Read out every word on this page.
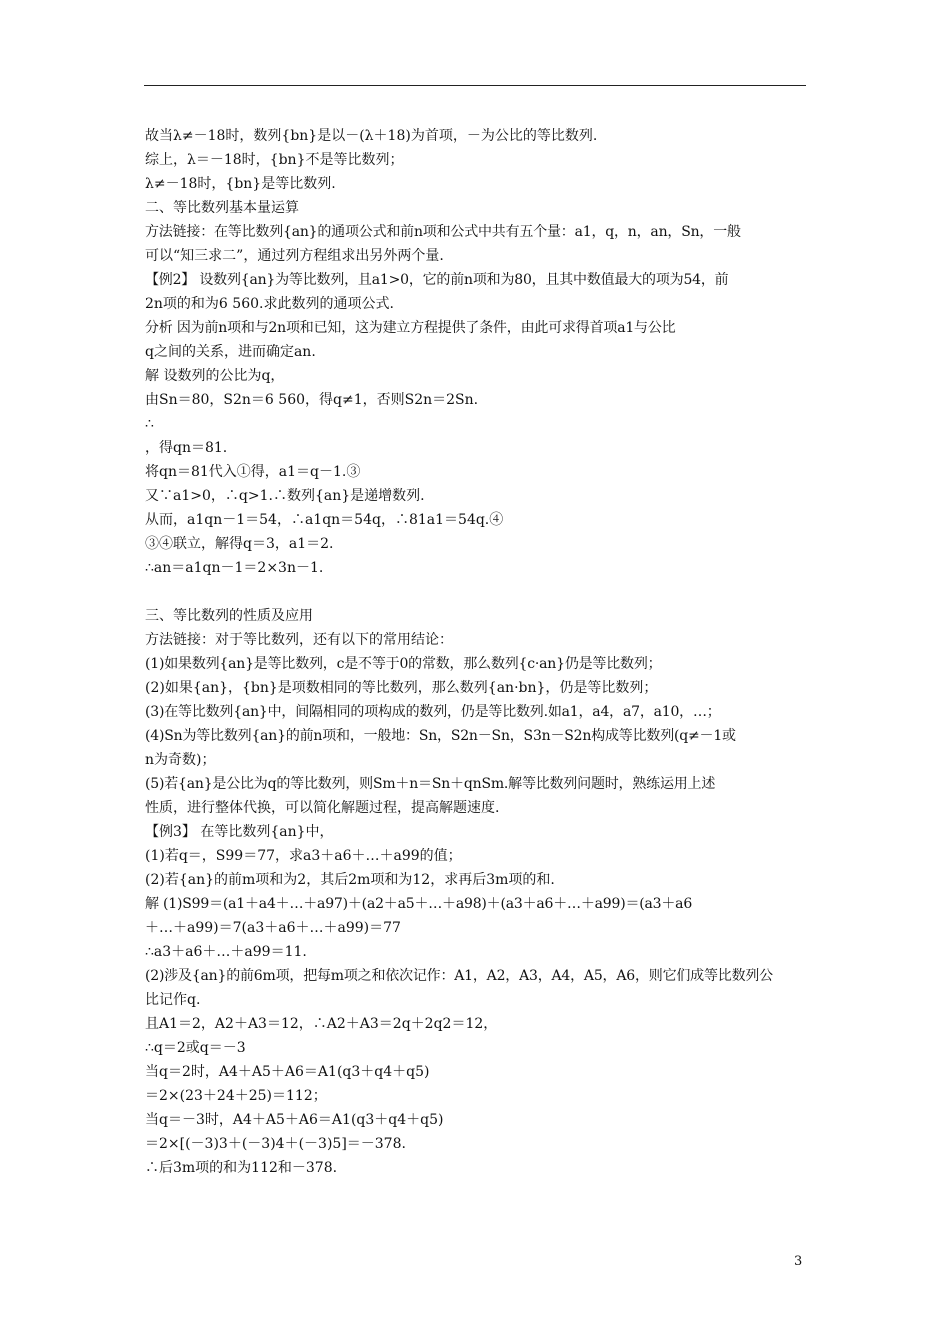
故当λ≠－18时，数列{bn}是以－(λ＋18)为首项，－为公比的等比数列.
综上，λ＝－18时，{bn}不是等比数列；
λ≠－18时，{bn}是等比数列.
二、等比数列基本量运算
方法链接：在等比数列{an}的通项公式和前n项和公式中共有五个量：a1，q，n，an，Sn，一般
可以“知三求二”，通过列方程组求出另外两个量.
【例2】 设数列{an}为等比数列，且a1>0，它的前n项和为80，且其中数值最大的项为54，前
2n项的和为6 560.求此数列的通项公式.
分析 因为前n项和与2n项和已知，这为建立方程提供了条件，由此可求得首项a1与公比
q之间的关系，进而确定an.
解 设数列的公比为q，
由Sn＝80，S2n＝6 560，得q≠1，否则S2n＝2Sn.
∴
，得qn＝81.
将qn＝81代入①得，a1＝q－1.③
又∵a1>0，∴q>1.∴数列{an}是递增数列.
从而，a1qn－1＝54，∴a1qn＝54q，∴81a1＝54q.④
③④联立，解得q＝3，a1＝2.
∴an＝a1qn－1＝2×3n－1.
三、等比数列的性质及应用
方法链接：对于等比数列，还有以下的常用结论：
(1)如果数列{an}是等比数列，c是不等于0的常数，那么数列{c·an}仍是等比数列；
(2)如果{an}，{bn}是项数相同的等比数列，那么数列{an·bn}，仍是等比数列；
(3)在等比数列{an}中，间隔相同的项构成的数列，仍是等比数列.如a1，a4，a7，a10，…；
(4)Sn为等比数列{an}的前n项和，一般地：Sn，S2n－Sn，S3n－S2n构成等比数列(q≠－1或
n为奇数)；
(5)若{an}是公比为q的等比数列，则Sm＋n＝Sn＋qnSm.解等比数列问题时，熟练运用上述
性质，进行整体代换，可以简化解题过程，提高解题速度.
【例3】 在等比数列{an}中，
(1)若q＝，S99＝77，求a3＋a6＋…＋a99的值；
(2)若{an}的前m项和为2，其后2m项和为12，求再后3m项的和.
解 (1)S99＝(a1＋a4＋…＋a97)＋(a2＋a5＋…＋a98)＋(a3＋a6＋…＋a99)＝(a3＋a6
＋…＋a99)＝7(a3＋a6＋…＋a99)＝77
∴a3＋a6＋…＋a99＝11.
(2)涉及{an}的前6m项，把每m项之和依次记作：A1，A2，A3，A4，A5，A6，则它们成等比数列公
比记作q.
且A1＝2，A2＋A3＝12，∴A2＋A3＝2q＋2q2＝12，
∴q＝2或q＝－3
当q＝2时，A4＋A5＋A6＝A1(q3＋q4＋q5)
＝2×(23＋24＋25)＝112；
当q＝－3时，A4＋A5＋A6＝A1(q3＋q4＋q5)
＝2×[(－3)3＋(－3)4＋(－3)5]＝－378.
∴后3m项的和为112和－378.
3
